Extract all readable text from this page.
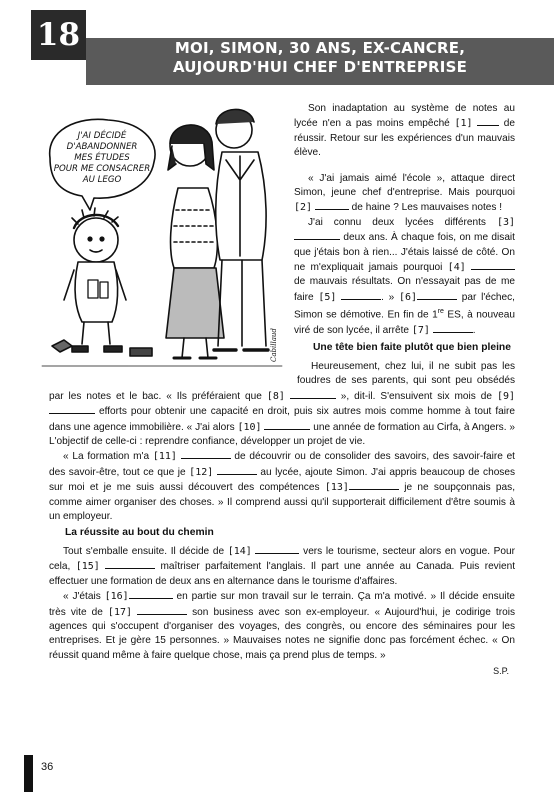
18	MOI, SIMON, 30 ANS, EX-CANCRE,
AUJOURD'HUI CHEF D'ENTREPRISE
J'AI DÉCIDÉ
D'ABANDONNER
MES ÉTUDES
POUR ME CONSACRER
AU LEGO
Cabillaud

Son inadaptation au système de notes au lycée n'en a pas moins empêché [1]	de réussir. Retour sur les expériences d'un mauvais élève.

« J'ai jamais aimé l'école », attaque direct Simon, jeune chef d'entreprise. Mais pourquoi [2]	de haine ? Les mauvaises notes !

J'ai connu deux lycées différents [3] deux ans. À chaque fois, on me disait que j'étais bon à rien... J'étais laissé de côté. On ne m'expliquait jamais pourquoi [4]  de mauvais résultats. On n'essayait pas de me faire [5]	. » [6]	par l'échec, Simon se démotive. En fin de 1re ES, à nouveau viré de son lycée, il arrête [7]	.

Une tête bien faite plutôt que bien pleine

Heureusement, chez lui, il ne subit pas les foudres de ses parents, qui sont peu obsédés par les notes et le bac. « Ils préféraient que [8]	», dit-il. S'ensuivent six mois de [9]  efforts pour obtenir une capacité en droit, puis six autres mois comme homme à tout faire dans une agence immobilière. « J'ai alors [10]	une année de formation au Cirfa, à Angers. » L'objectif de celle-ci : reprendre confiance, développer un projet de vie.

« La formation m'a [11]	de découvrir ou de consolider des savoirs, des savoir-faire et des savoir-être, tout ce que je [12]	au lycée, ajoute Simon. J'ai appris beaucoup de choses sur moi et je me suis aussi découvert des compétences [13]	je ne soupçonnais pas, comme aimer organiser des choses. » Il comprend aussi qu'il supporterait difficilement d'être soumis à un employeur.

La réussite au bout du chemin

Tout s'emballe ensuite. Il décide de [14]	vers le tourisme, secteur alors en vogue. Pour cela, [15]	maîtriser parfaitement l'anglais. Il part une année au Canada. Puis revient effectuer une formation de deux ans en alternance dans le tourisme d'affaires.

« J'étais [16]	en partie sur mon travail sur le terrain. Ça m'a motivé. » Il décide ensuite très vite de [17]	son business avec son ex-employeur. « Aujourd'hui, je codirige trois agences qui s'occupent d'organiser des voyages, des congrès, ou encore des séminaires pour les entreprises. Et je gère 15 personnes. » Mauvaises notes ne signifie donc pas forcément échec. « On réussit quand même à faire quelque chose, mais ça prend plus de temps. »

S.P.
36
